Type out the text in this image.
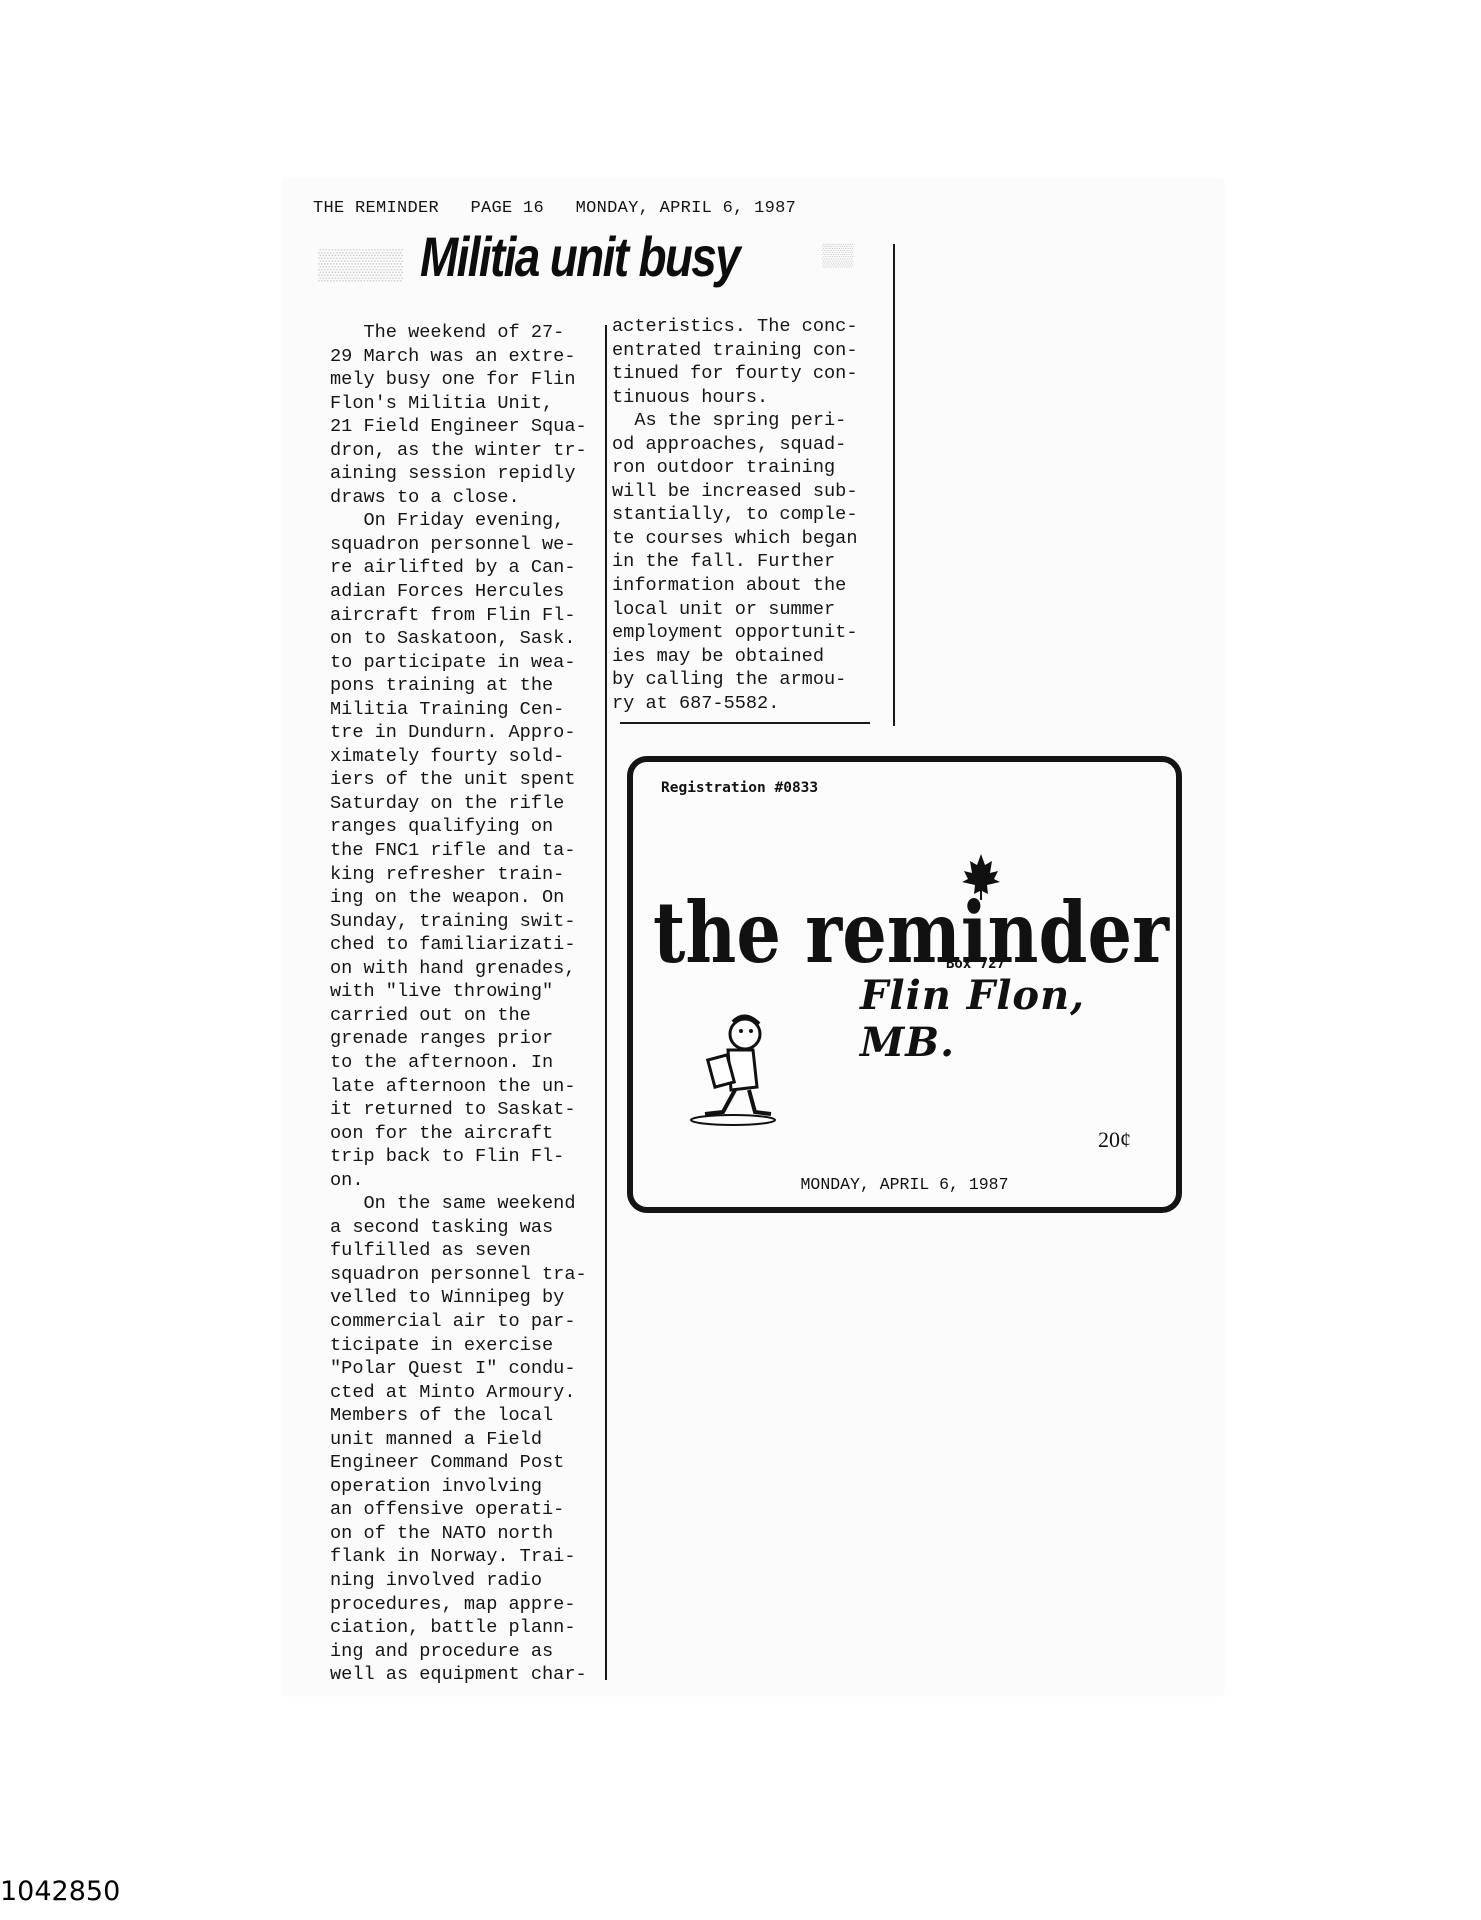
▒▒▒▒	▒▒
THE REMINDER PAGE 16 MONDAY, APRIL 6, 1987
Militia unit busy
The weekend of 27-
29 March was an extre-
mely busy one for Flin
Flon's Militia Unit,
21 Field Engineer Squa-
dron, as the winter tr-
aining session repidly
draws to a close.
On Friday evening,
squadron personnel we-
re airlifted by a Can-
adian Forces Hercules
aircraft from Flin Fl-
on to Saskatoon, Sask.
to participate in wea-
pons training at the
Militia Training Cen-
tre in Dundurn. Appro-
ximately fourty sold-
iers of the unit spent
Saturday on the rifle
ranges qualifying on
the FNC1 rifle and ta-
king refresher train-
ing on the weapon. On
Sunday, training swit-
ched to familiarizati-
on with hand grenades,
with "live throwing"
carried out on the
grenade ranges prior
to the afternoon. In
late afternoon the un-
it returned to Saskat-
oon for the aircraft
trip back to Flin Fl-
on.
On the same weekend
a second tasking was
fulfilled as seven
squadron personnel tra-
velled to Winnipeg by
commercial air to par-
ticipate in exercise
"Polar Quest I" condu-
cted at Minto Armoury.
Members of the local
unit manned a Field
Engineer Command Post
operation involving
an offensive operati-
on of the NATO north
flank in Norway. Trai-
ning involved radio
procedures, map appre-
ciation, battle plann-
ing and procedure as
well as equipment char-
acteristics. The conc-
entrated training con-
tinued for fourty con-
tinuous hours.
As the spring peri-
od approaches, squad-
ron outdoor training
will be increased sub-
stantially, to comple-
te courses which began
in the fall. Further
information about the
local unit or summer
employment opportunit-
ies may be obtained
by calling the armou-
ry at 687-5582.
Registration #0833
the reminder
Box 727
Flin Flon, MB.
20¢
MONDAY, APRIL 6, 1987
1042850
